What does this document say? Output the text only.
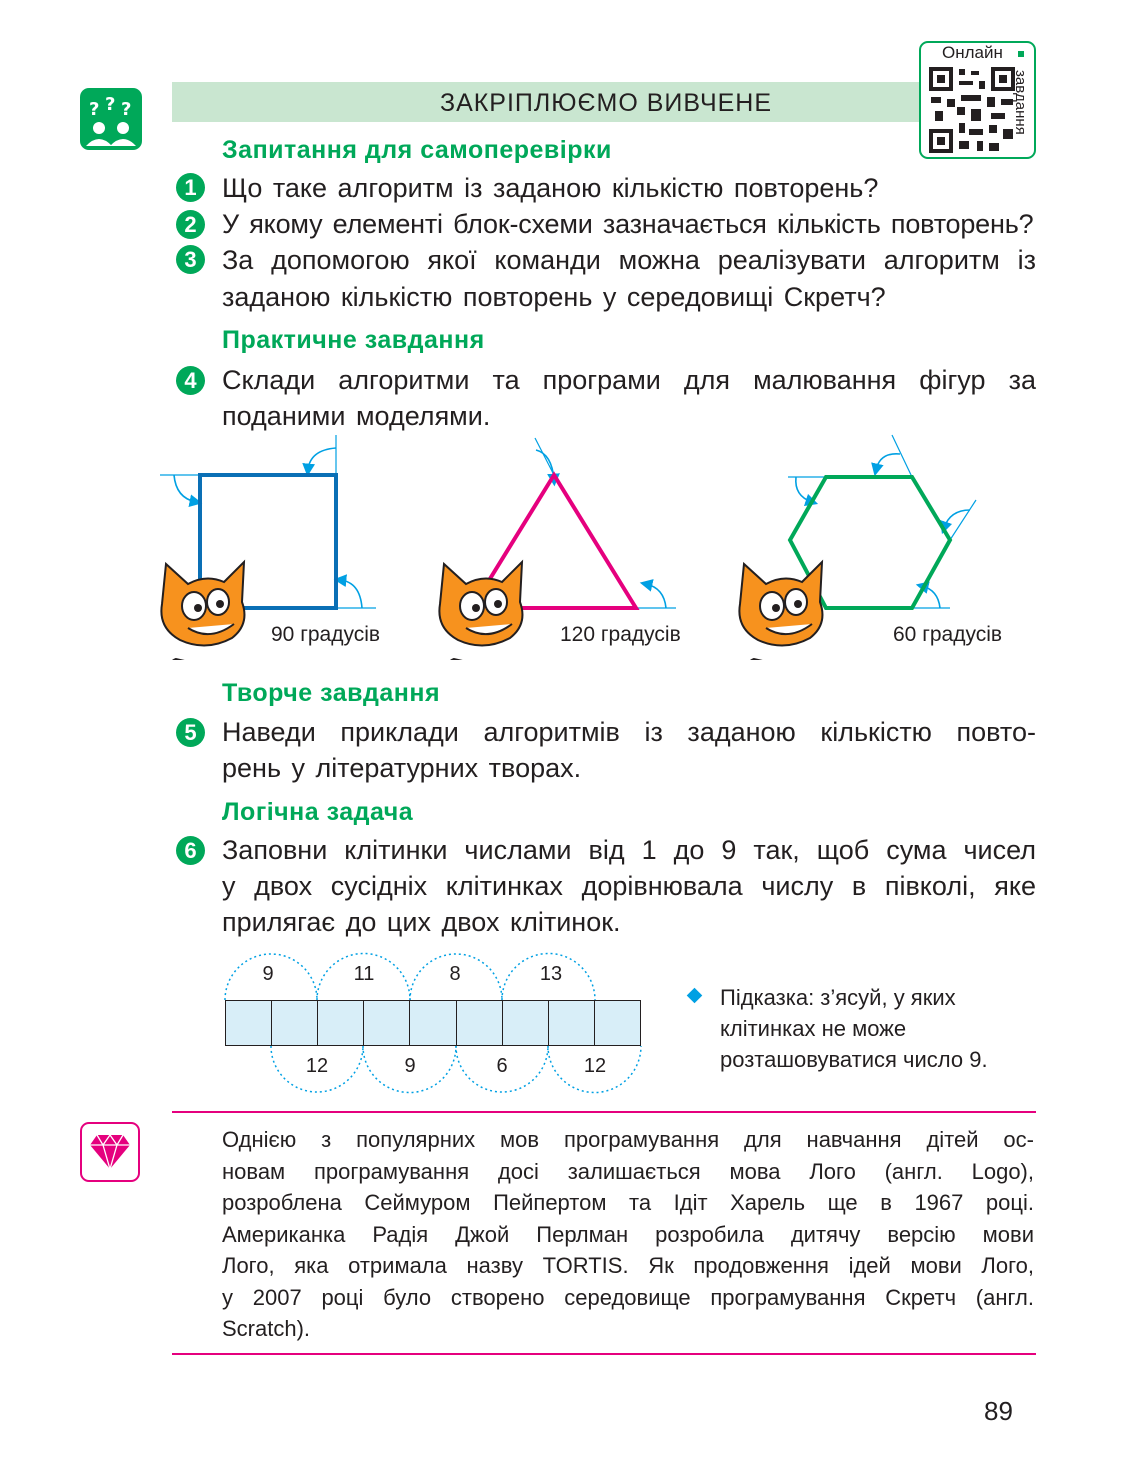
ЗАКРІПЛЮЄМО ВИВЧЕНЕ
? ? ?
Онлайн
завдання
Запитання для самоперевірки
1 Що таке алгоритм із заданою кількістю повторень?
2 У якому елементі блок-схеми зазначається кількість повторень?
3 За допомогою якої команди можна реалізувати алгоритм із
заданою кількістю повторень у середовищі Скретч?
Практичне завдання
4 Склади алгоритми та програми для малювання фігур за
поданими моделями.
90 градусів	120 градусів	60 градусів
Творче завдання
5 Наведи приклади алгоритмів із заданою кількістю повто-
рень у літературних творах.
Логічна задача
6 Заповни клітинки числами від 1 до 9 так, щоб сума чисел
у двох сусідніх клітинках дорівнювала числу в півколі, яке
прилягає до цих двох клітинок.
9	11	8	13
12	9	6	12
Підказка: з’ясуй, у яких
клітинках не може
розташовуватися число 9.
Однією з популярних мов програмування для навчання дітей ос-
новам програмування досі залишається мова Лого (англ. Logo),
розроблена Сеймуром Пейпертом та Ідіт Харель ще в 1967 році.
Американка Радія Джой Перлман розробила дитячу версію мови
Лого, яка отримала назву TORTIS. Як продовження ідей мови Лого,
у 2007 році було створено середовище програмування Скретч (англ.
Scratch).
89
